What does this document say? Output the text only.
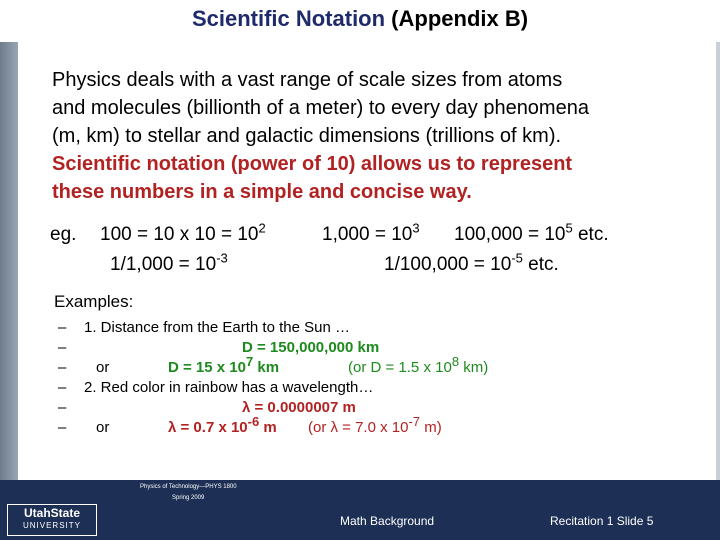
Scientific Notation (Appendix B)
Physics deals with a vast range of scale sizes from atoms
and molecules (billionth of a meter) to every day phenomena
(m, km) to stellar and galactic dimensions (trillions of km).
Scientific notation (power of 10) allows us to represent
these numbers in a simple and concise way.
eg. 100 = 10 x $10 = 10^2$	$1,000 = 10^3$ $100,000 = 10^5$ etc.
$1/1,000 = 10^{-3}$	$1/100,000 = 10^{-5}$ etc.
Examples:
– 1. Distance from the Earth to the Sun …
–	D = 150,000,000 km
– or	D = 15 x $10^7$ km	(or D = 1.5 x $10^8$ km)
– 2. Red color in rainbow has a wavelength…
–	λ = 0.0000007 m
– or	λ = 0.7 x $10^{-6}$ m (or λ = 7.0 x $10^{-7}$ m)
UtahState
UNIVERSITY
Physics of Technology—PHYS 1800
Spring 2009
Math Background	Recitation 1 Slide 5
